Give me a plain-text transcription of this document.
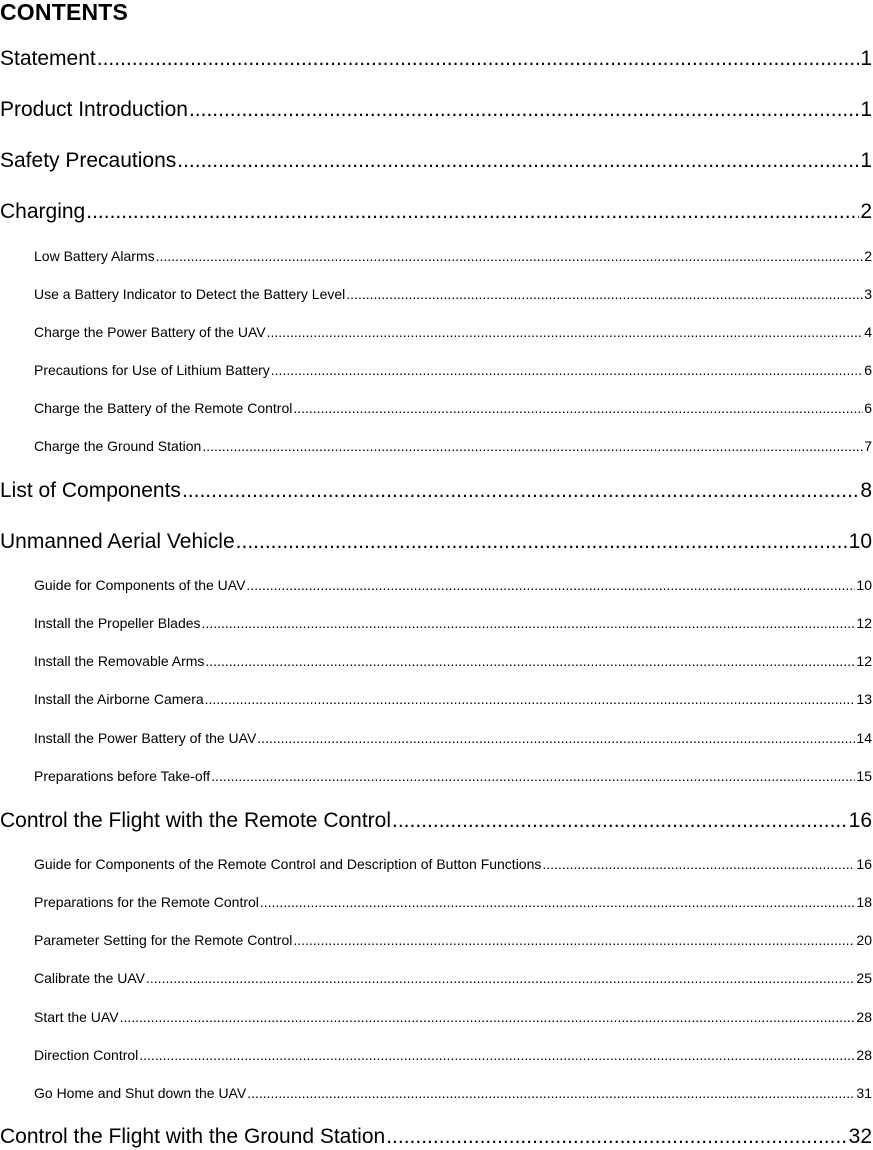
CONTENTS
Statement .....	1
Product Introduction .....	1
Safety Precautions .....	1
Charging .....	2
Low Battery Alarms .....	2
Use a Battery Indicator to Detect the Battery Level .....	3
Charge the Power Battery of the UAV .....	4
Precautions for Use of Lithium Battery .....	6
Charge the Battery of the Remote Control .....	6
Charge the Ground Station .....	7
List of Components .....	8
Unmanned Aerial Vehicle .....	10
Guide for Components of the UAV .....	10
Install the Propeller Blades .....	12
Install the Removable Arms .....	12
Install the Airborne Camera .....	13
Install the Power Battery of the UAV .....	14
Preparations before Take-off .....	15
Control the Flight with the Remote Control .....	16
Guide for Components of the Remote Control and Description of Button Functions .....	16
Preparations for the Remote Control .....	18
Parameter Setting for the Remote Control .....	20
Calibrate the UAV .....	25
Start the UAV .....	28
Direction Control .....	28
Go Home and Shut down the UAV .....	31
Control the Flight with the Ground Station .....	32
